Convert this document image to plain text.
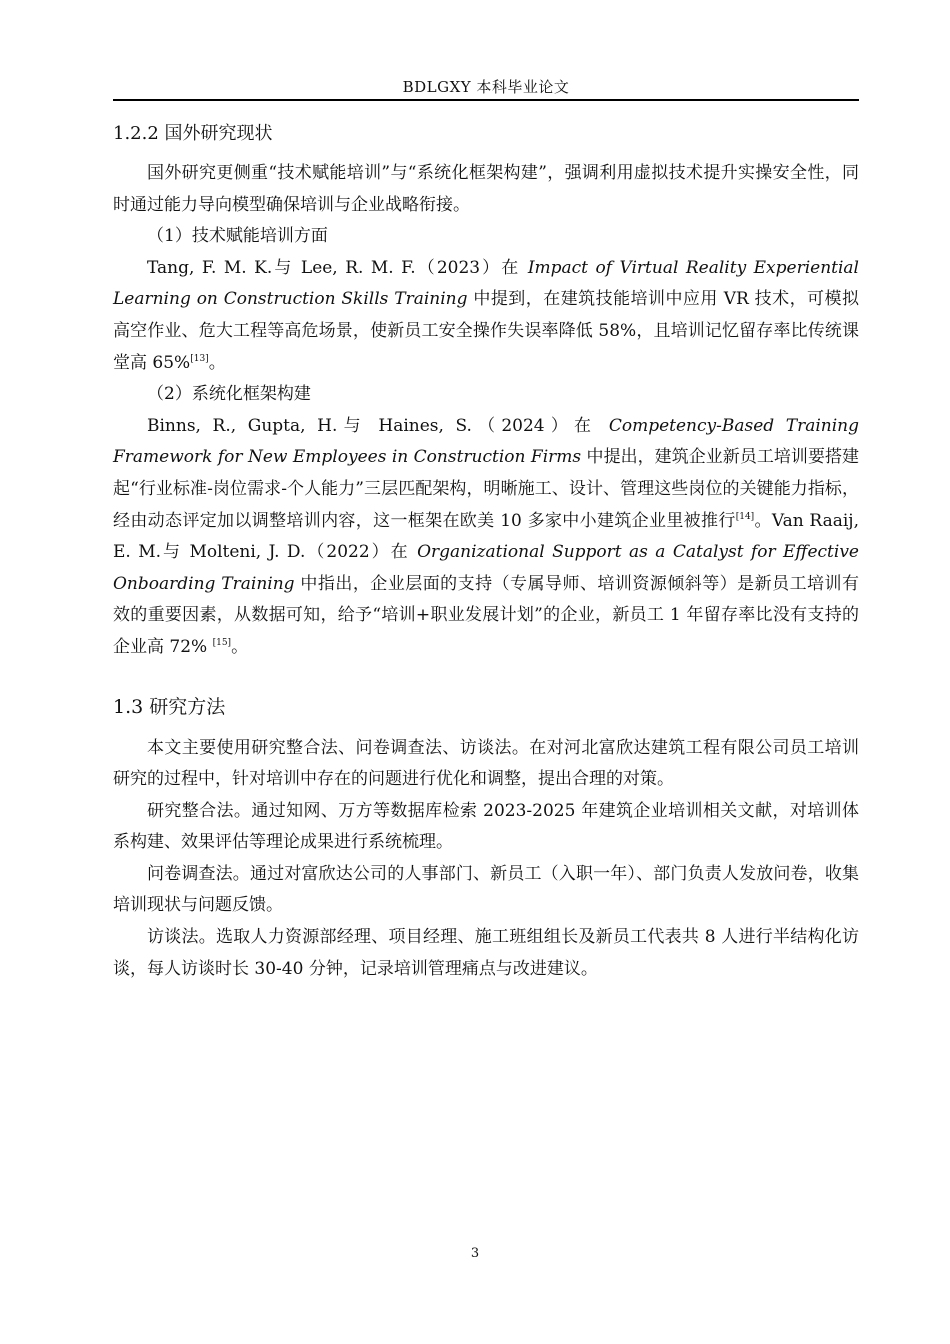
BDLGXY 本科毕业论文
1.2.2 国外研究现状

国外研究更侧重“技术赋能培训”与“系统化框架构建”，强调利用虚拟技术提升实操安全性，同时通过能力导向模型确保培训与企业战略衔接。

（1）技术赋能培训方面

Tang, F. M. K.与 Lee, R. M. F.（2023）在 Impact of Virtual Reality Experiential Learning on Construction Skills Training 中提到，在建筑技能培训中应用 VR 技术，可模拟高空作业、危大工程等高危场景，使新员工安全操作失误率降低 58%，且培训记忆留存率比传统课堂高 65%[13]。

（2）系统化框架构建

Binns, R., Gupta, H.与 Haines, S.（2024）在 Competency-Based Training Framework for New Employees in Construction Firms 中提出，建筑企业新员工培训要搭建起“行业标准-岗位需求-个人能力”三层匹配架构，明晰施工、设计、管理这些岗位的关键能力指标，经由动态评定加以调整培训内容，这一框架在欧美 10 多家中小建筑企业里被推行[14]。Van Raaij, E. M.与 Molteni, J. D.（2022）在 Organizational Support as a Catalyst for Effective Onboarding Training 中指出，企业层面的支持（专属导师、培训资源倾斜等）是新员工培训有效的重要因素，从数据可知，给予“培训+职业发展计划”的企业，新员工 1 年留存率比没有支持的企业高 72% [15]。

1.3 研究方法

本文主要使用研究整合法、问卷调查法、访谈法。在对河北富欣达建筑工程有限公司员工培训研究的过程中，针对培训中存在的问题进行优化和调整，提出合理的对策。

研究整合法。通过知网、万方等数据库检索 2023-2025 年建筑企业培训相关文献，对培训体系构建、效果评估等理论成果进行系统梳理。

问卷调查法。通过对富欣达公司的人事部门、新员工（入职一年）、部门负责人发放问卷，收集培训现状与问题反馈。

访谈法。选取人力资源部经理、项目经理、施工班组组长及新员工代表共 8 人进行半结构化访谈，每人访谈时长 30-40 分钟，记录培训管理痛点与改进建议。

3
